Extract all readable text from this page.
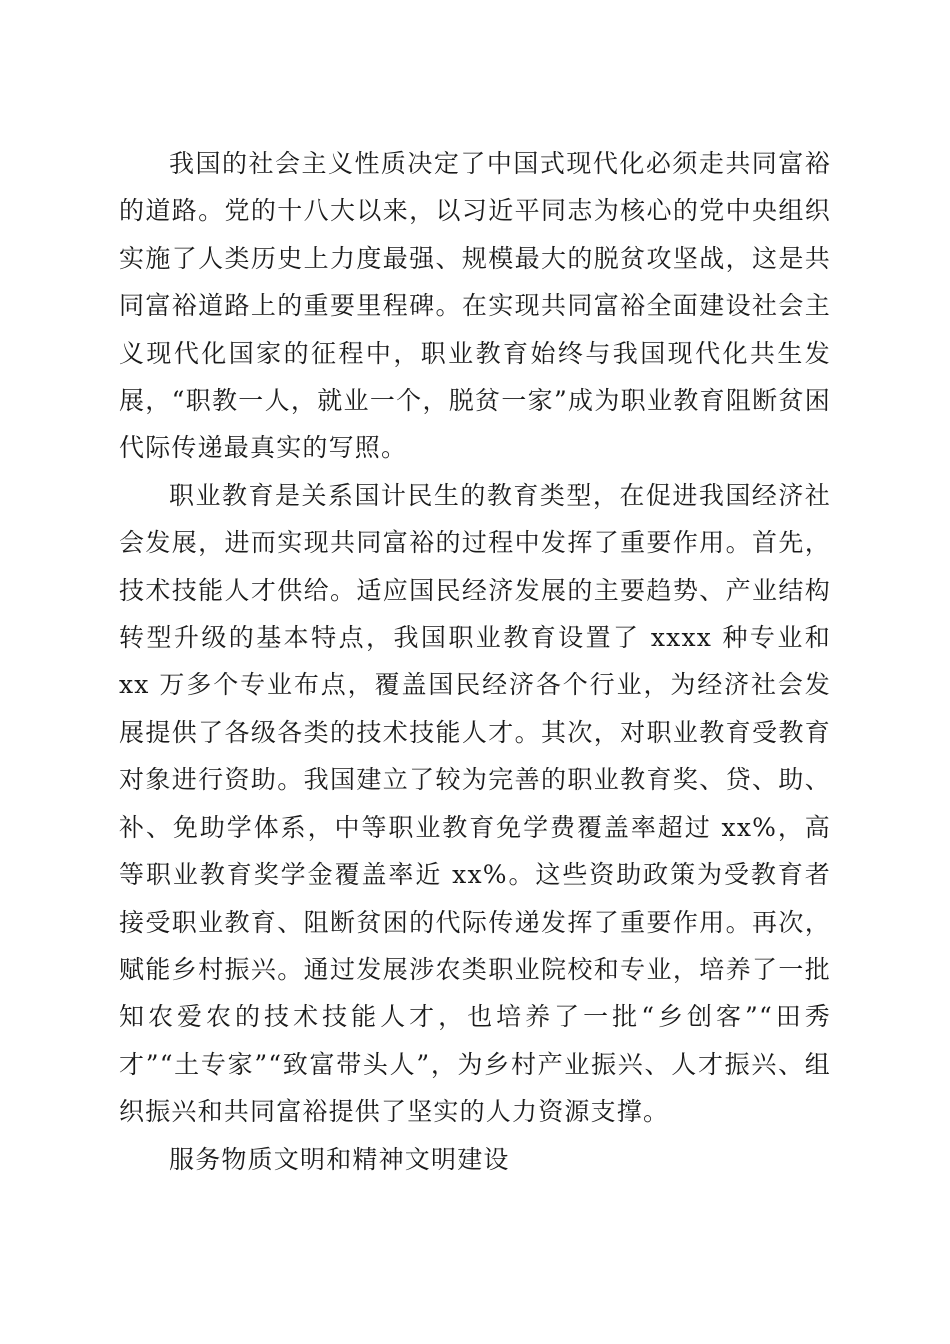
我国的社会主义性质决定了中国式现代化必须走共同富裕的道路。党的十八大以来，以习近平同志为核心的党中央组织实施了人类历史上力度最强、规模最大的脱贫攻坚战，这是共同富裕道路上的重要里程碑。在实现共同富裕全面建设社会主义现代化国家的征程中，职业教育始终与我国现代化共生发展，“职教一人，就业一个，脱贫一家”成为职业教育阻断贫困代际传递最真实的写照。

职业教育是关系国计民生的教育类型，在促进我国经济社会发展，进而实现共同富裕的过程中发挥了重要作用。首先，技术技能人才供给。适应国民经济发展的主要趋势、产业结构转型升级的基本特点，我国职业教育设置了 xxxx 种专业和 xx 万多个专业布点，覆盖国民经济各个行业，为经济社会发展提供了各级各类的技术技能人才。其次，对职业教育受教育对象进行资助。我国建立了较为完善的职业教育奖、贷、助、补、免助学体系，中等职业教育免学费覆盖率超过 xx%，高等职业教育奖学金覆盖率近 xx%。这些资助政策为受教育者接受职业教育、阻断贫困的代际传递发挥了重要作用。再次，赋能乡村振兴。通过发展涉农类职业院校和专业，培养了一批知农爱农的技术技能人才，也培养了一批“乡创客”“田秀才”“土专家”“致富带头人”，为乡村产业振兴、人才振兴、组织振兴和共同富裕提供了坚实的人力资源支撑。

服务物质文明和精神文明建设
